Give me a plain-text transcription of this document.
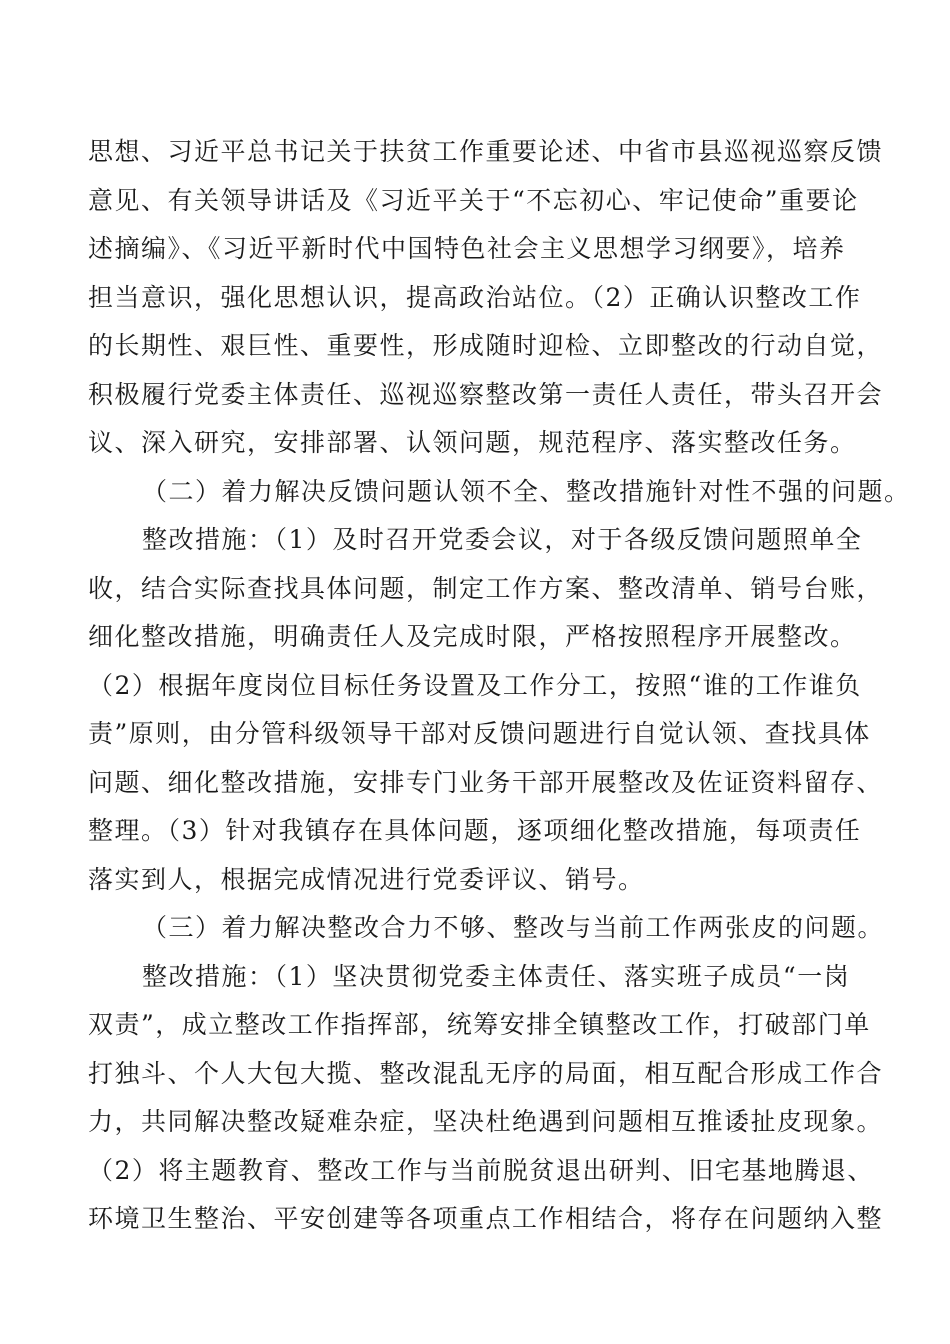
思想、习近平总书记关于扶贫工作重要论述、中省市县巡视巡察反馈
意见、有关领导讲话及《习近平关于“不忘初心、牢记使命”重要论
述摘编》、《习近平新时代中国特色社会主义思想学习纲要》，培养
担当意识，强化思想认识，提高政治站位。（2）正确认识整改工作
的长期性、艰巨性、重要性，形成随时迎检、立即整改的行动自觉，
积极履行党委主体责任、巡视巡察整改第一责任人责任，带头召开会
议、深入研究，安排部署、认领问题，规范程序、落实整改任务。
（二）着力解决反馈问题认领不全、整改措施针对性不强的问题。
整改措施：（1）及时召开党委会议，对于各级反馈问题照单全
收，结合实际查找具体问题，制定工作方案、整改清单、销号台账，
细化整改措施，明确责任人及完成时限，严格按照程序开展整改。
（2）根据年度岗位目标任务设置及工作分工，按照“谁的工作谁负
责”原则，由分管科级领导干部对反馈问题进行自觉认领、查找具体
问题、细化整改措施，安排专门业务干部开展整改及佐证资料留存、
整理。（3）针对我镇存在具体问题，逐项细化整改措施，每项责任
落实到人，根据完成情况进行党委评议、销号。
（三）着力解决整改合力不够、整改与当前工作两张皮的问题。
整改措施：（1）坚决贯彻党委主体责任、落实班子成员“一岗
双责”，成立整改工作指挥部，统筹安排全镇整改工作，打破部门单
打独斗、个人大包大揽、整改混乱无序的局面，相互配合形成工作合
力，共同解决整改疑难杂症，坚决杜绝遇到问题相互推诿扯皮现象。
（2）将主题教育、整改工作与当前脱贫退出研判、旧宅基地腾退、
环境卫生整治、平安创建等各项重点工作相结合，将存在问题纳入整
